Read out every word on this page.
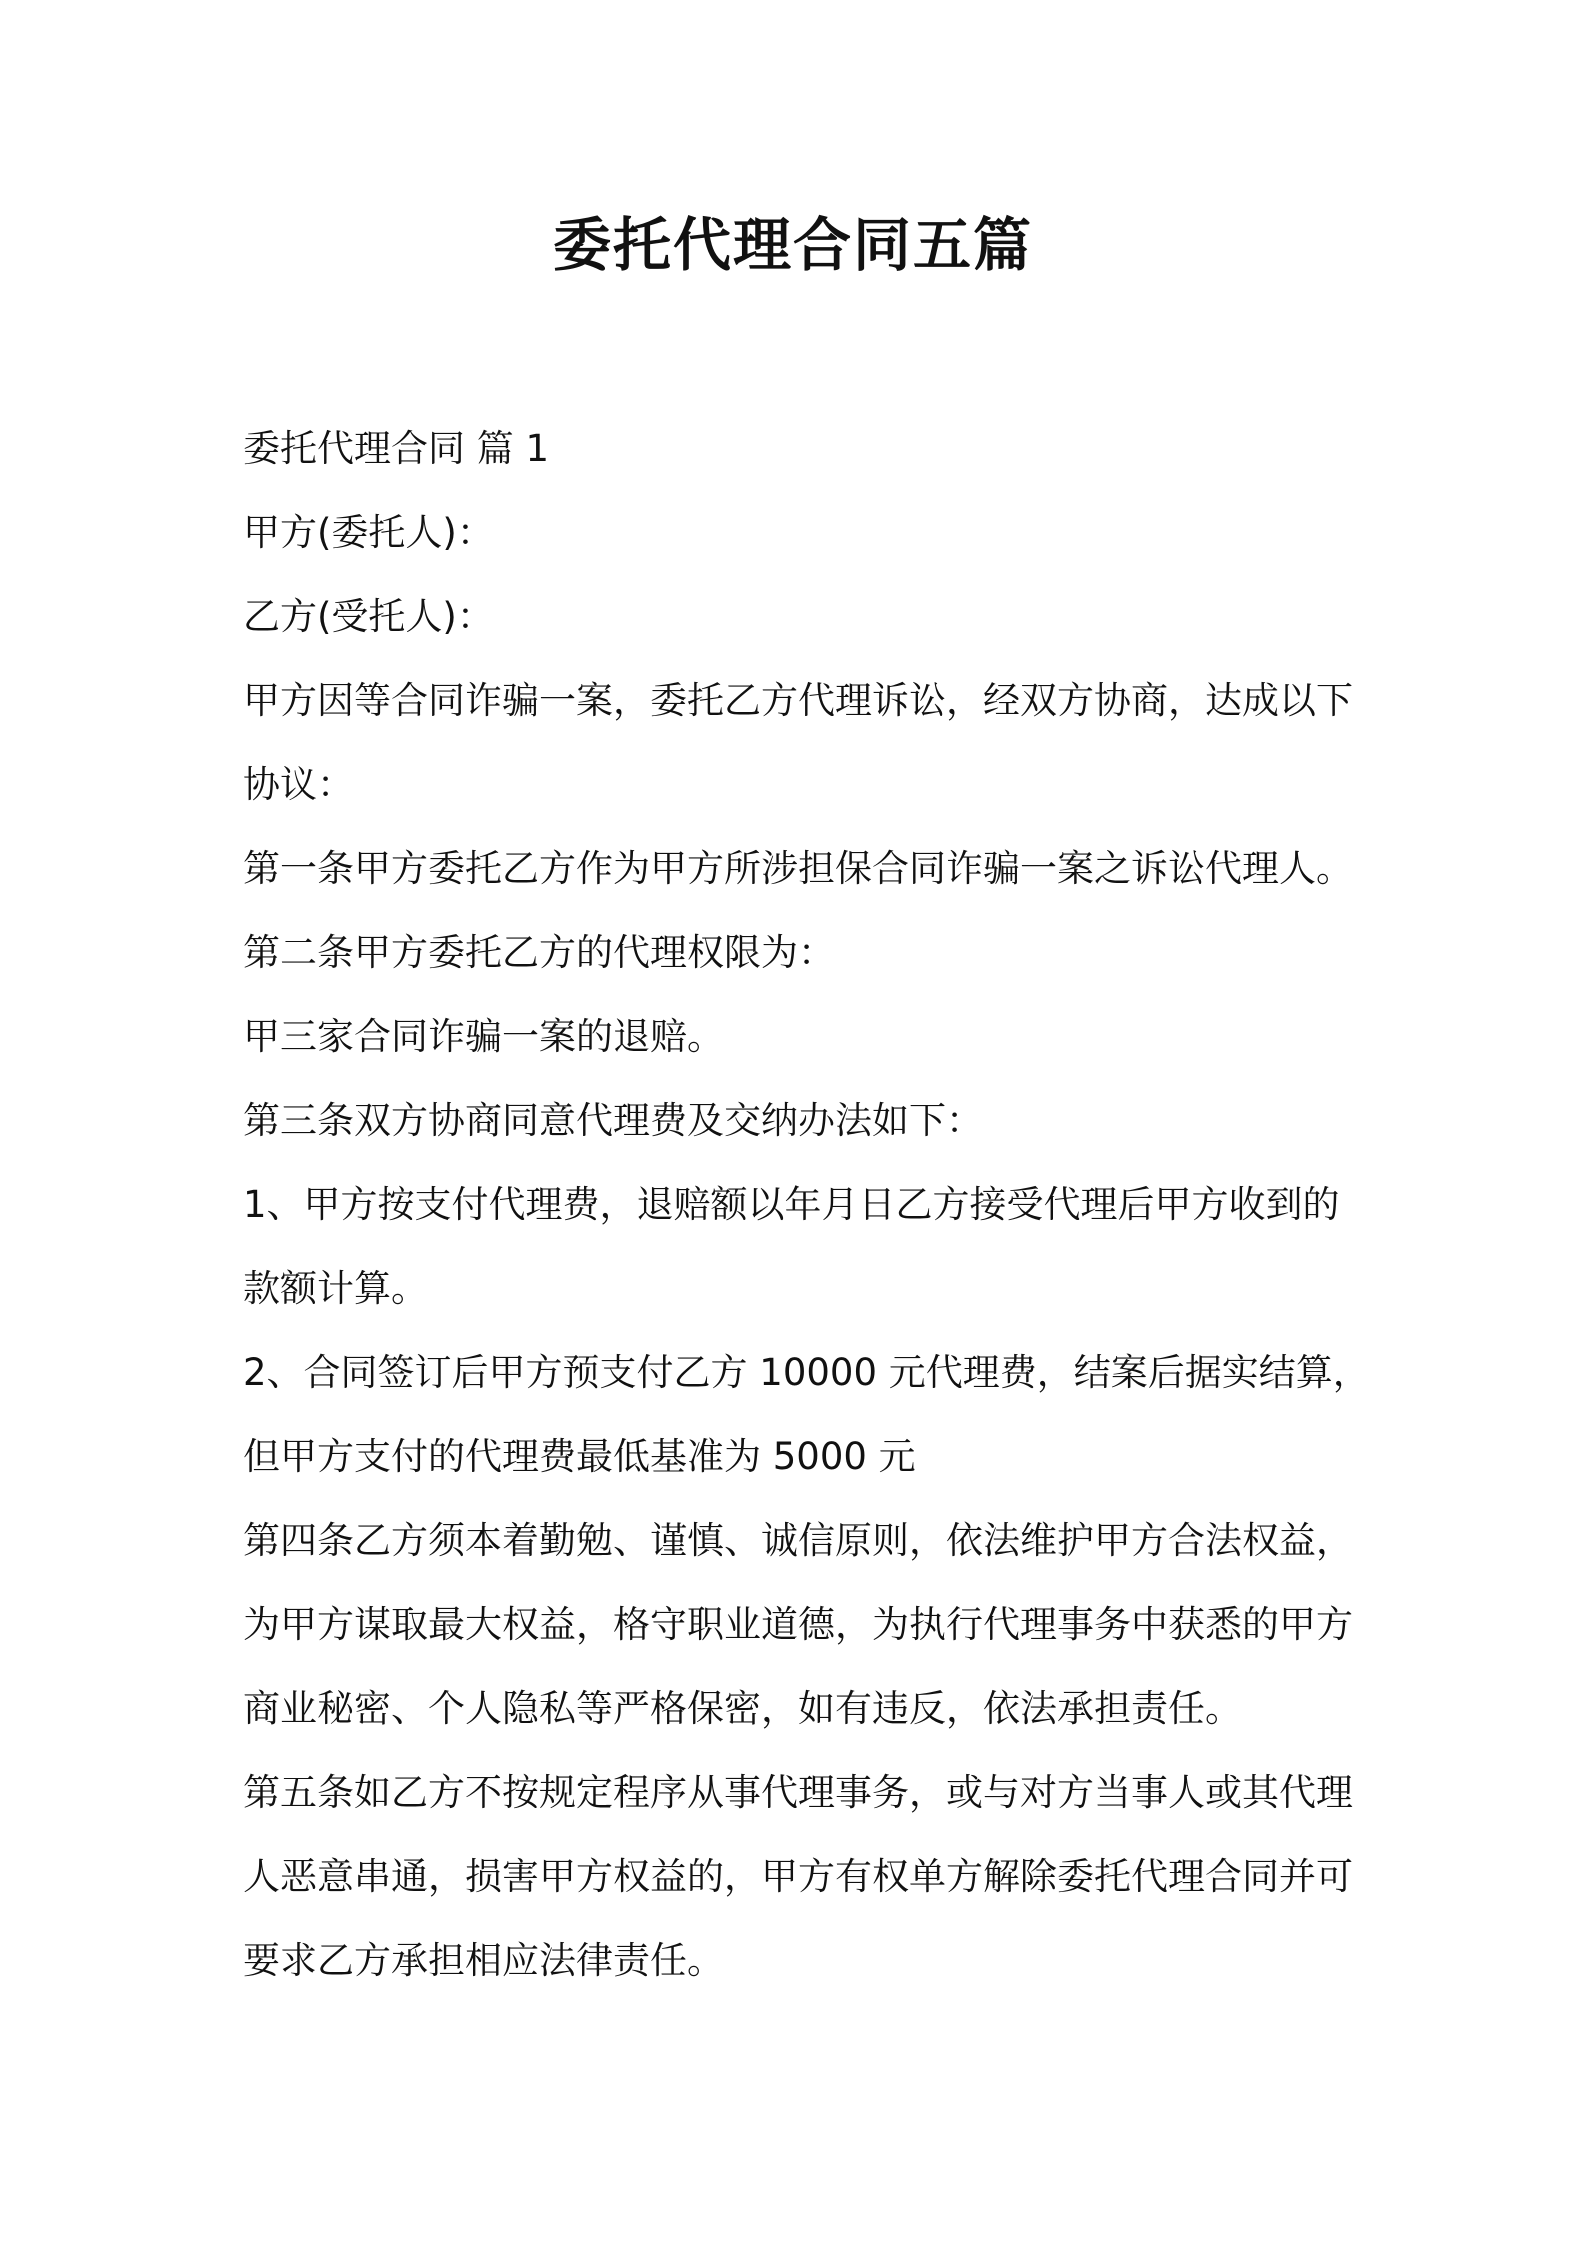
委托代理合同五篇
委托代理合同 篇 1
甲方(委托人)：
乙方(受托人)：
甲方因等合同诈骗一案，委托乙方代理诉讼，经双方协商，达成以下
协议：
第一条甲方委托乙方作为甲方所涉担保合同诈骗一案之诉讼代理人。
第二条甲方委托乙方的代理权限为：
甲三家合同诈骗一案的退赔。
第三条双方协商同意代理费及交纳办法如下：
1、甲方按支付代理费，退赔额以年月日乙方接受代理后甲方收到的
款额计算。
2、合同签订后甲方预支付乙方 10000 元代理费，结案后据实结算，
但甲方支付的代理费最低基准为 5000 元
第四条乙方须本着勤勉、谨慎、诚信原则，依法维护甲方合法权益，
为甲方谋取最大权益，格守职业道德，为执行代理事务中获悉的甲方
商业秘密、个人隐私等严格保密，如有违反，依法承担责任。
第五条如乙方不按规定程序从事代理事务，或与对方当事人或其代理
人恶意串通，损害甲方权益的，甲方有权单方解除委托代理合同并可
要求乙方承担相应法律责任。
